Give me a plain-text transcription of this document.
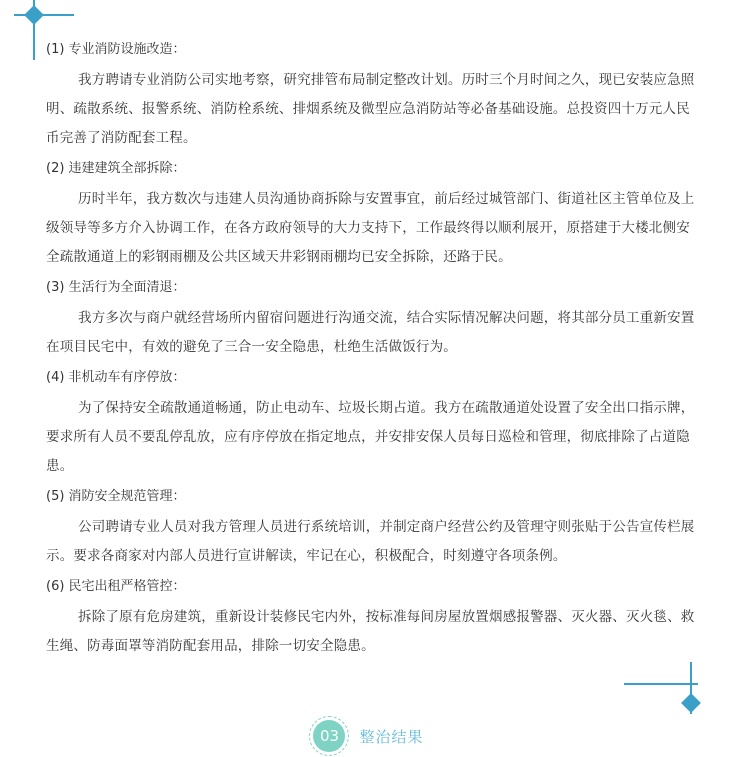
(1) 专业消防设施改造：

我方聘请专业消防公司实地考察，研究排管布局制定整改计划。历时三个月时间之久，现已安装应急照明、疏散系统、报警系统、消防栓系统、排烟系统及微型应急消防站等必备基础设施。总投资四十万元人民币完善了消防配套工程。

(2) 违建建筑全部拆除：

历时半年，我方数次与违建人员沟通协商拆除与安置事宜，前后经过城管部门、街道社区主管单位及上级领导等多方介入协调工作，在各方政府领导的大力支持下，工作最终得以顺利展开，原搭建于大楼北侧安全疏散通道上的彩钢雨棚及公共区域天井彩钢雨棚均已安全拆除，还路于民。

(3) 生活行为全面清退：

我方多次与商户就经营场所内留宿问题进行沟通交流，结合实际情况解决问题，将其部分员工重新安置在项目民宅中，有效的避免了三合一安全隐患，杜绝生活做饭行为。

(4) 非机动车有序停放：

为了保持安全疏散通道畅通，防止电动车、垃圾长期占道。我方在疏散通道处设置了安全出口指示牌，要求所有人员不要乱停乱放，应有序停放在指定地点，并安排安保人员每日巡检和管理，彻底排除了占道隐患。

(5) 消防安全规范管理：

公司聘请专业人员对我方管理人员进行系统培训，并制定商户经营公约及管理守则张贴于公告宣传栏展示。要求各商家对内部人员进行宣讲解读，牢记在心，积极配合，时刻遵守各项条例。

(6) 民宅出租严格管控：

拆除了原有危房建筑，重新设计装修民宅内外，按标准每间房屋放置烟感报警器、灭火器、灭火毯、救生绳、防毒面罩等消防配套用品，排除一切安全隐患。

03 整治结果
